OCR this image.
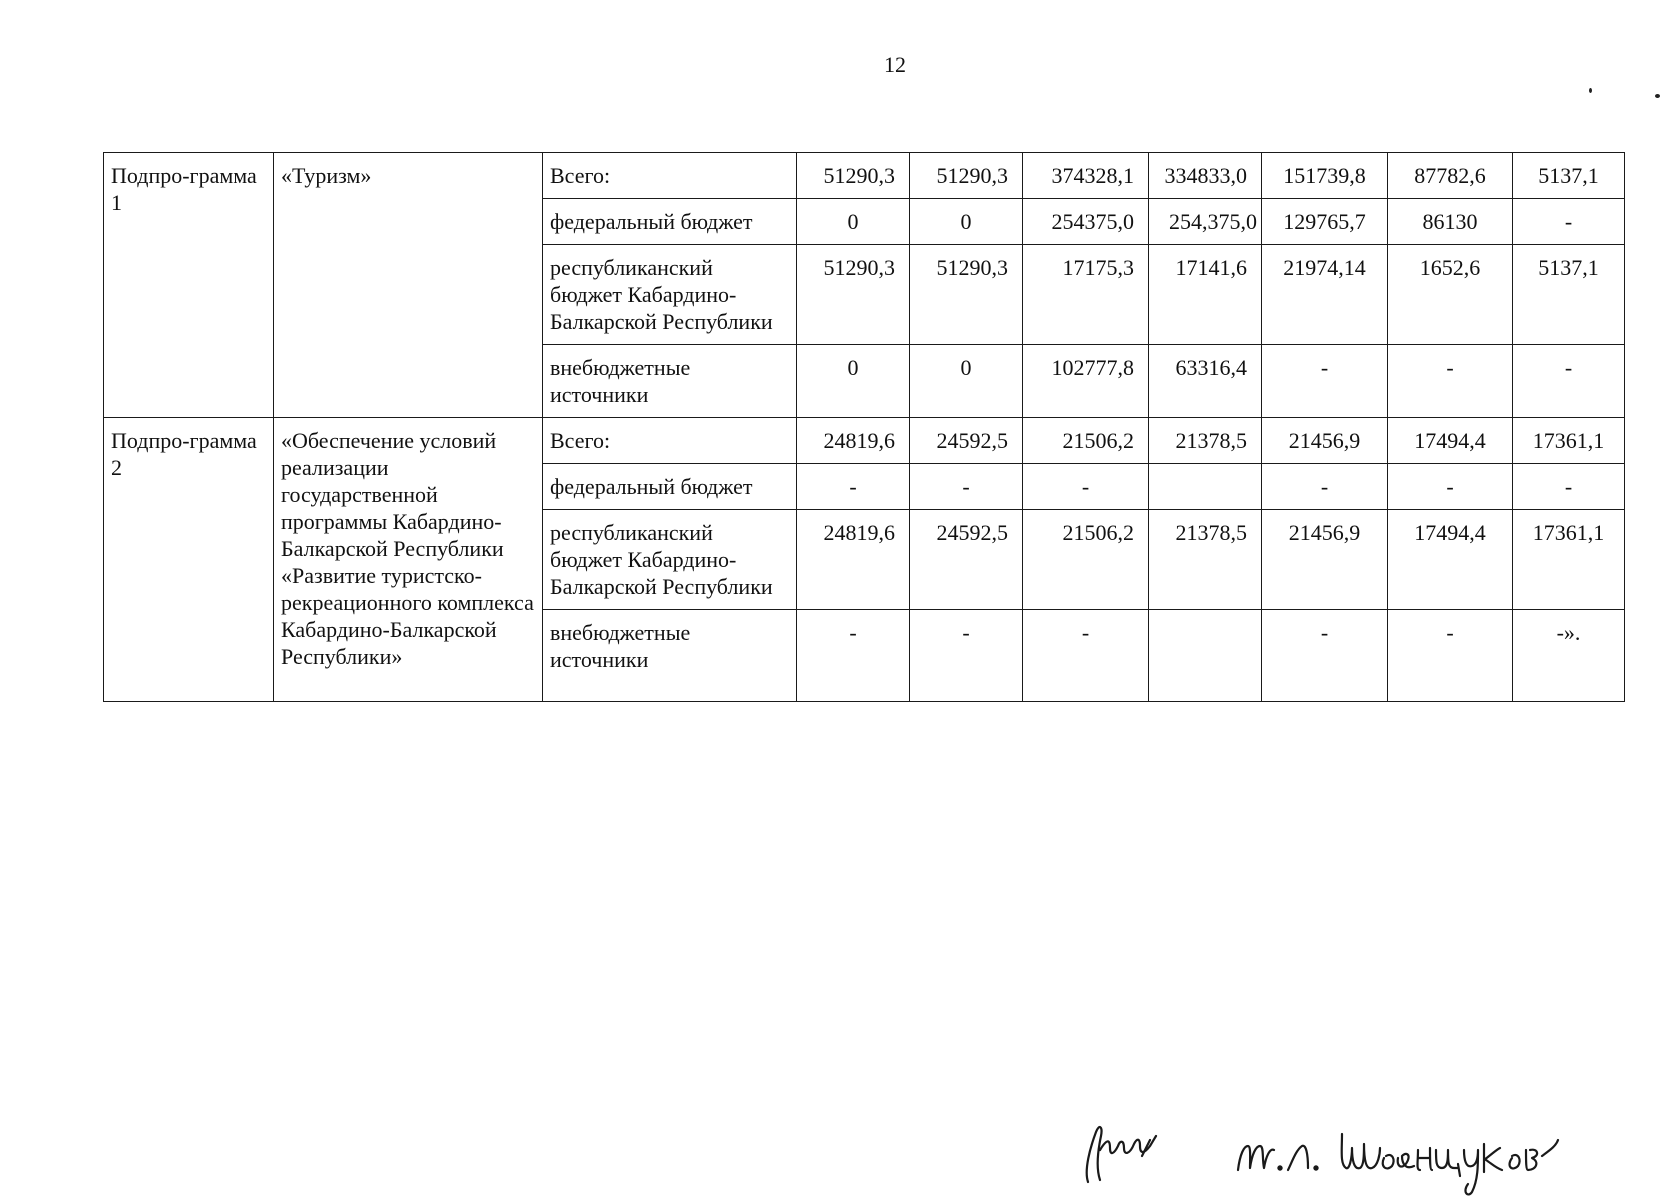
12
Подпро-грамма 1	«Туризм»	Всего:	51290,3	51290,3	374328,1	334833,0	151739,8	87782,6	5137,1
		федеральный бюджет	0	0	254375,0	254,375,0	129765,7	86130	-
		республиканский бюджет Кабардино-Балкарской Республики	51290,3	51290,3	17175,3	17141,6	21974,14	1652,6	5137,1
		внебюджетные источники	0	0	102777,8	63316,4	-	-	-
Подпро-грамма 2	«Обеспечение условий реализации государственной программы Кабардино-Балкарской Республики «Развитие туристско-рекреационного комплекса Кабардино-Балкарской Республики»	Всего:	24819,6	24592,5	21506,2	21378,5	21456,9	17494,4	17361,1
		федеральный бюджет	-	-	-		-	-	-
		республиканский бюджет Кабардино-Балкарской Республики	24819,6	24592,5	21506,2	21378,5	21456,9	17494,4	17361,1
		внебюджетные источники	-	-	-		-	-	-».
